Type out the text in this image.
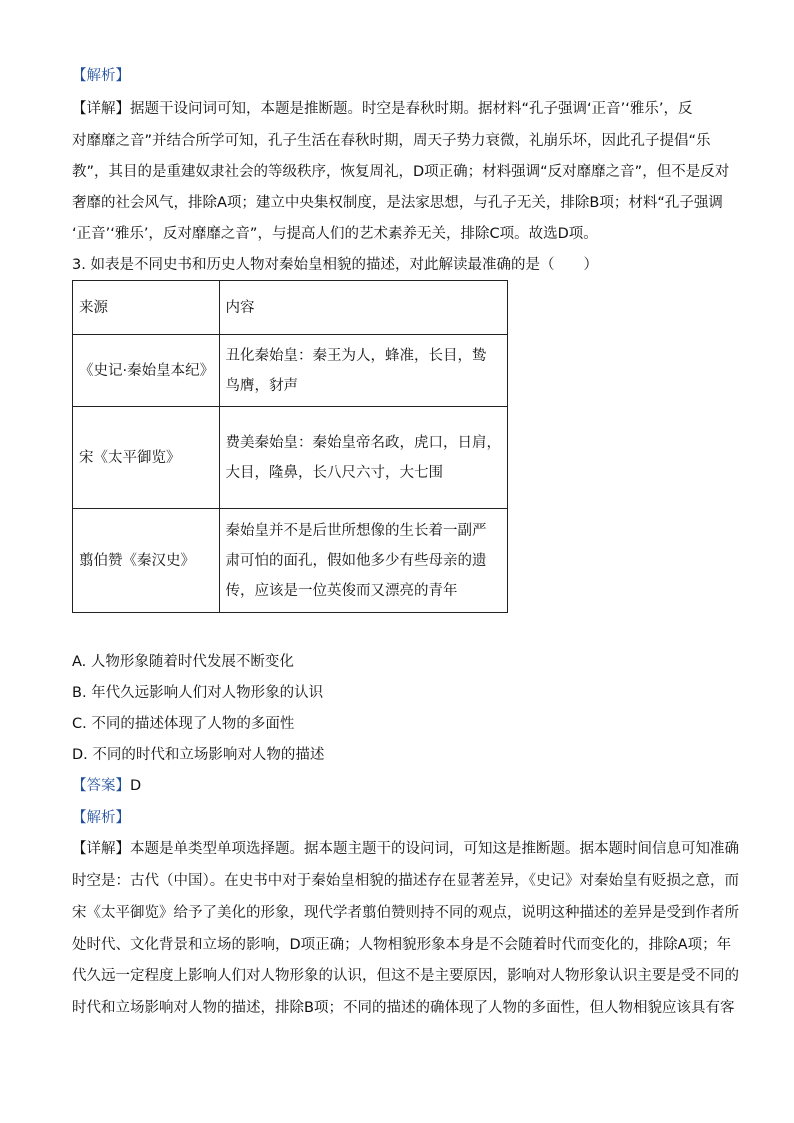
【解析】
【详解】据题干设问词可知，本题是推断题。时空是春秋时期。据材料“孔子强调‘正音’‘雅乐’，反
对靡靡之音”并结合所学可知，孔子生活在春秋时期，周天子势力衰微，礼崩乐坏，因此孔子提倡“乐
教”，其目的是重建奴隶社会的等级秩序，恢复周礼，D项正确；材料强调“反对靡靡之音”，但不是反对
奢靡的社会风气，排除A项；建立中央集权制度，是法家思想，与孔子无关，排除B项；材料“孔子强调
‘正音’‘雅乐’，反对靡靡之音”，与提高人们的艺术素养无关，排除C项。故选D项。
3. 如表是不同史书和历史人物对秦始皇相貌的描述，对此解读最准确的是（　　）
来源	内容
《史记·秦始皇本纪》	丑化秦始皇：秦王为人，蜂准，长目，鸷
鸟膺，豺声

宋《太平御览》	费美秦始皇：秦始皇帝名政，虎口，日肩，
大目，隆鼻，长八尺六寸，大七围

翦伯赞《秦汉史》	秦始皇并不是后世所想像的生长着一副严
肃可怕的面孔，假如他多少有些母亲的遗
传，应该是一位英俊而又漂亮的青年
A. 人物形象随着时代发展不断变化
B. 年代久远影响人们对人物形象的认识
C. 不同的描述体现了人物的多面性
D. 不同的时代和立场影响对人物的描述
【答案】D
【解析】
【详解】本题是单类型单项选择题。据本题主题干的设问词，可知这是推断题。据本题时间信息可知准确
时空是：古代（中国）。在史书中对于秦始皇相貌的描述存在显著差异，《史记》对秦始皇有贬损之意，而
宋《太平御览》给予了美化的形象，现代学者翦伯赞则持不同的观点，说明这种描述的差异是受到作者所
处时代、文化背景和立场的影响，D项正确；人物相貌形象本身是不会随着时代而变化的，排除A项；年
代久远一定程度上影响人们对人物形象的认识，但这不是主要原因，影响对人物形象认识主要是受不同的
时代和立场影响对人物的描述，排除B项；不同的描述的确体现了人物的多面性，但人物相貌应该具有客
